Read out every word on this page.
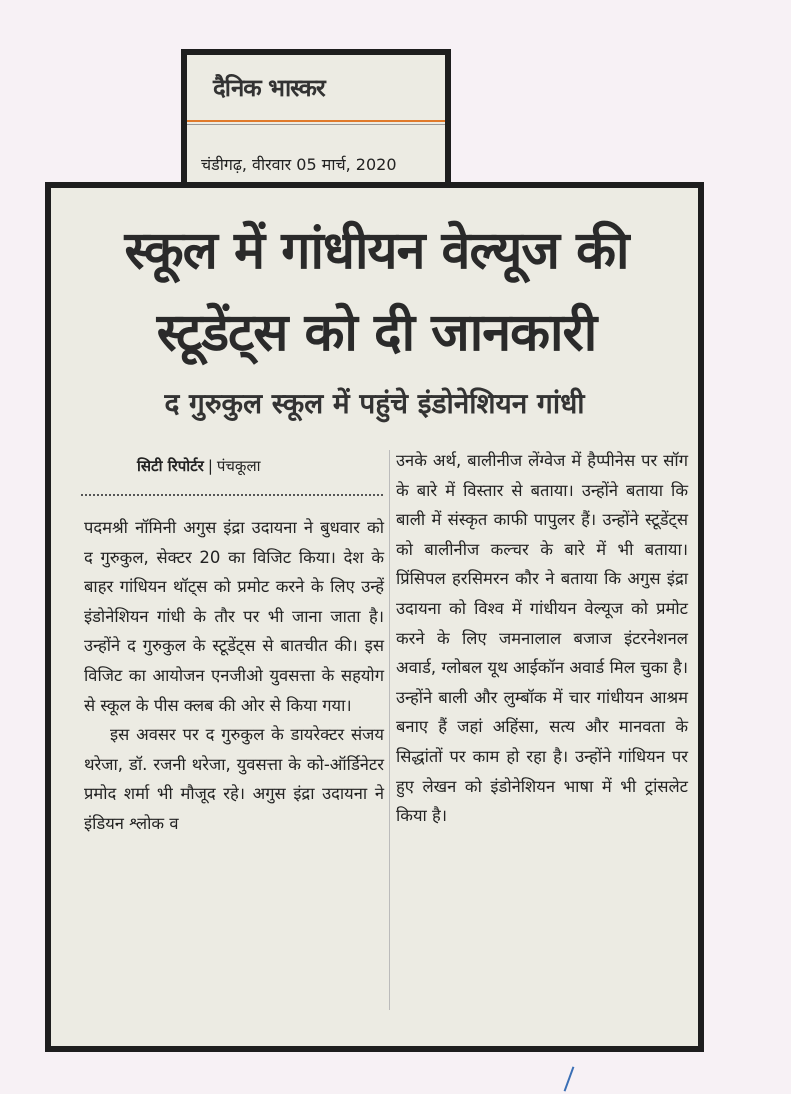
दैनिक भास्कर
चंडीगढ़, वीरवार 05 मार्च, 2020
स्कूल में गांधीयन वेल्यूज की स्टूडेंट्स को दी जानकारी
द गुरुकुल स्कूल में पहुंचे इंडोनेशियन गांधी
सिटी रिपोर्टर | पंचकूला

पदमश्री नॉमिनी अगुस इंद्रा उदायना ने बुधवार को द गुरुकुल, सेक्टर 20 का विजिट किया। देश के बाहर गांधियन थॉट्स को प्रमोट करने के लिए उन्हें इंडोनेशियन गांधी के तौर पर भी जाना जाता है। उन्होंने द गुरुकुल के स्टूडेंट्स से बातचीत की। इस विजिट का आयोजन एनजीओ युवसत्ता के सहयोग से स्कूल के पीस क्लब की ओर से किया गया।

इस अवसर पर द गुरुकुल के डायरेक्टर संजय थरेजा, डॉ. रजनी थरेजा, युवसत्ता के को-ऑर्डिनेटर प्रमोद शर्मा भी मौजूद रहे। अगुस इंद्रा उदायना ने इंडियन श्लोक व

उनके अर्थ, बालीनीज लेंग्वेज में हैप्पीनेस पर सॉग के बारे में विस्तार से बताया। उन्होंने बताया कि बाली में संस्कृत काफी पापुलर हैं। उन्होंने स्टूडेंट्स को बालीनीज कल्चर के बारे में भी बताया। प्रिंसिपल हरसिमरन कौर ने बताया कि अगुस इंद्रा उदायना को विश्व में गांधीयन वेल्यूज को प्रमोट करने के लिए जमनालाल बजाज इंटरनेशनल अवार्ड, ग्लोबल यूथ आईकॉन अवार्ड मिल चुका है। उन्होंने बाली और लुम्बॉक में चार गांधीयन आश्रम बनाए हैं जहां अहिंसा, सत्य और मानवता के सिद्धांतों पर काम हो रहा है। उन्होंने गांधियन पर हुए लेखन को इंडोनेशियन भाषा में भी ट्रांसलेट किया है।
